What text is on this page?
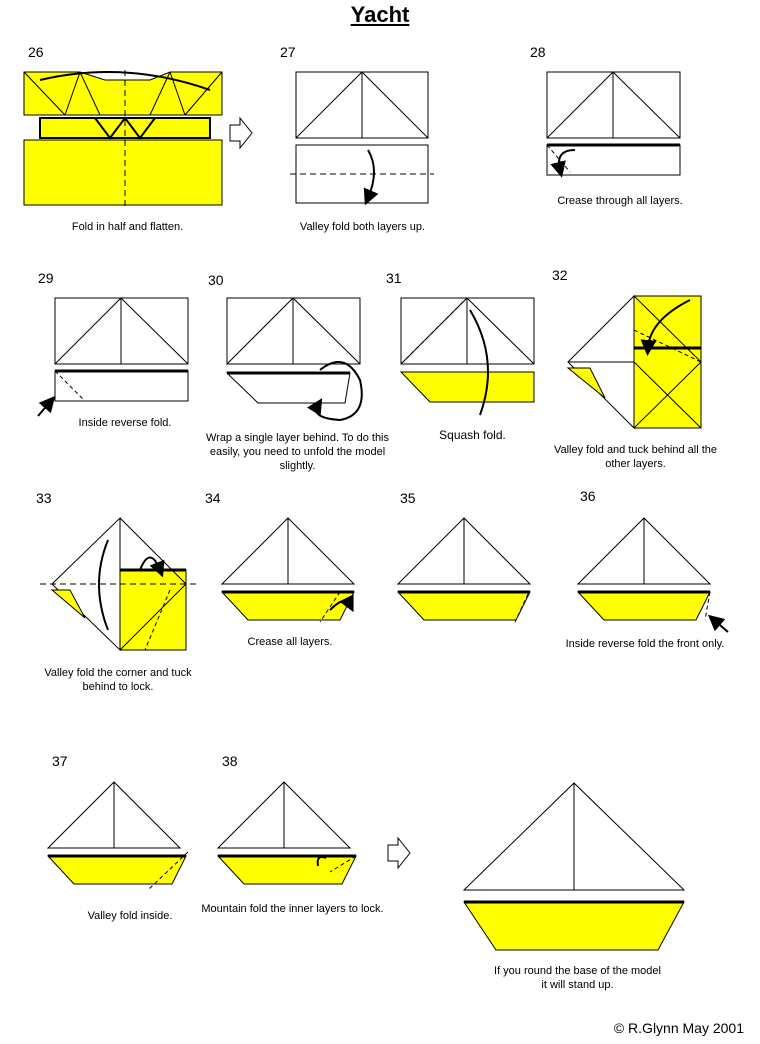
Yacht
26	27	28
29	30	31	32
33	34	35	36
37	38
Fold in half and flatten.	Valley fold both layers up.
Crease through all layers.
Inside reverse fold.
Wrap a single layer behind. To do this easily, you need to unfold the model slightly.
Squash fold.
Valley fold and tuck behind all the other layers.
Valley fold the corner and tuck behind to lock.
Crease all layers.	Inside reverse fold the front only.
Valley fold inside.
Mountain fold the inner layers to lock.
If you round the base of the model it will stand up.
© R.Glynn May 2001
